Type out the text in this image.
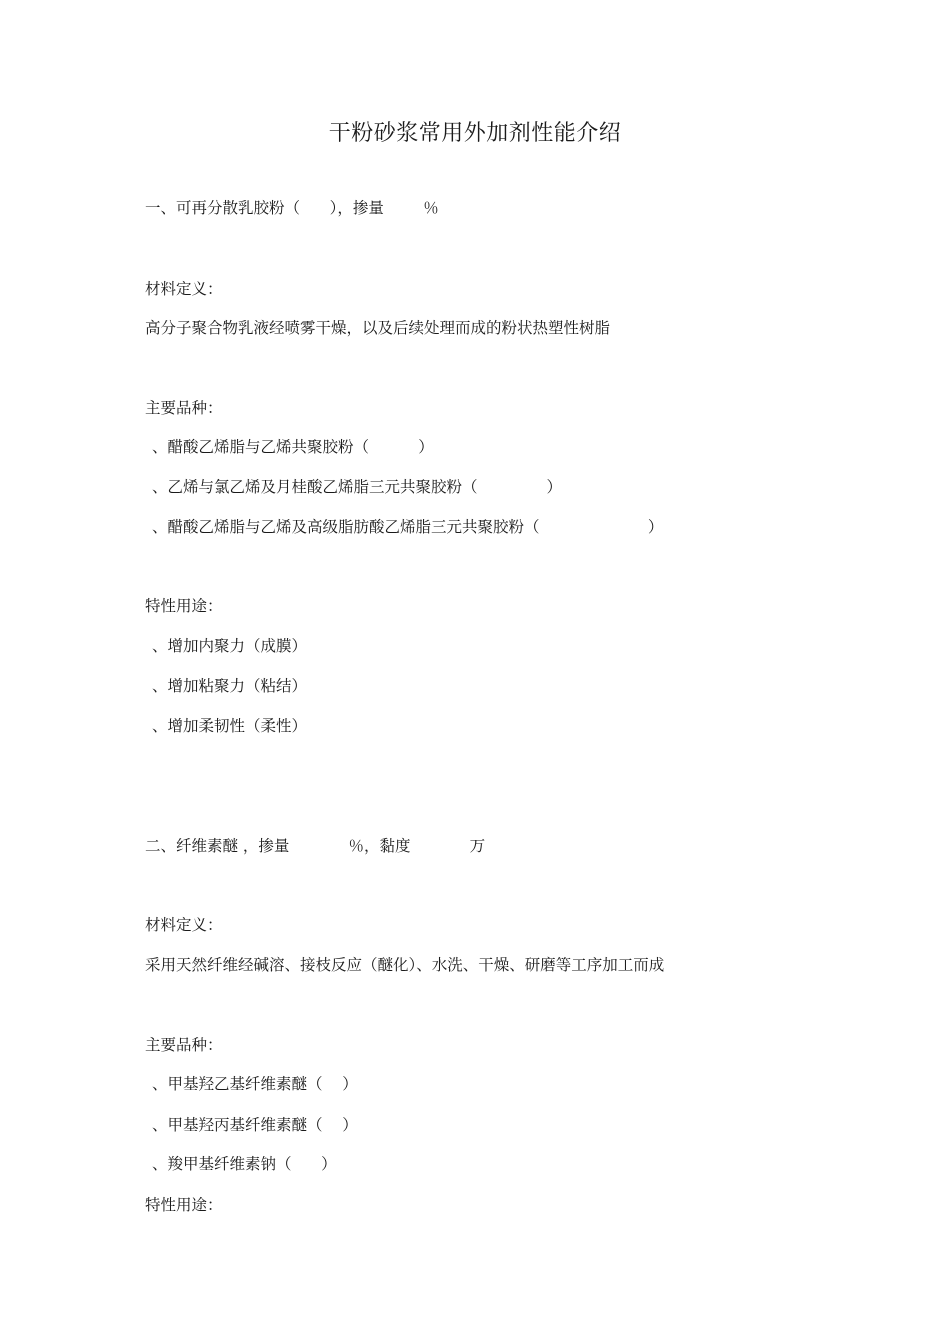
干粉砂浆常用外加剂性能介绍
一、可再分散乳胶粉（      ），掺量        ％
材料定义：
高分子聚合物乳液经喷雾干燥，以及后续处理而成的粉状热塑性树脂
主要品种：
、醋酸乙烯脂与乙烯共聚胶粉（          ）
、乙烯与氯乙烯及月桂酸乙烯脂三元共聚胶粉（              ）
、醋酸乙烯脂与乙烯及高级脂肪酸乙烯脂三元共聚胶粉（                      ）
特性用途：
、增加内聚力（成膜）
、增加粘聚力（粘结）
、增加柔韧性（柔性）
二、纤维素醚 ，掺量            ％，黏度            万
材料定义：
采用天然纤维经碱溶、接枝反应（醚化）、水洗、干燥、研磨等工序加工而成
主要品种：
、甲基羟乙基纤维素醚（    ）
、甲基羟丙基纤维素醚（    ）
、羧甲基纤维素钠（      ）
特性用途：
